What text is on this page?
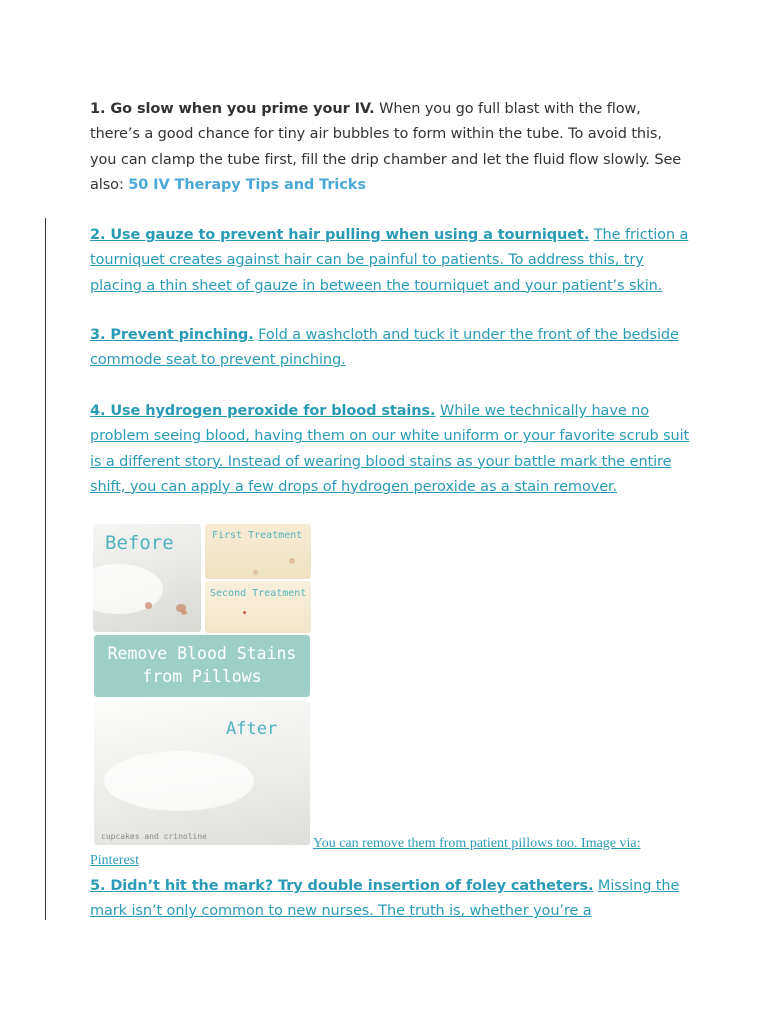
1. Go slow when you prime your IV. When you go full blast with the flow, there’s a good chance for tiny air bubbles to form within the tube. To avoid this, you can clamp the tube first, fill the drip chamber and let the fluid flow slowly. See also: 50 IV Therapy Tips and Tricks

2. Use gauze to prevent hair pulling when using a tourniquet. The friction a tourniquet creates against hair can be painful to patients. To address this, try placing a thin sheet of gauze in between the tourniquet and your patient’s skin.

3. Prevent pinching. Fold a washcloth and tuck it under the front of the bedside commode seat to prevent pinching.

4. Use hydrogen peroxide for blood stains. While we technically have no problem seeing blood, having them on our white uniform or your favorite scrub suit is a different story. Instead of wearing blood stains as your battle mark the entire shift, you can apply a few drops of hydrogen peroxide as a stain remover.

Before	First Treatment
Second Treatment
Remove Blood Stains
from Pillows
After
cupcakes and crinoline	You can remove them from patient pillows too. Image via:
Pinterest

5. Didn’t hit the mark? Try double insertion of foley catheters. Missing the mark isn’t only common to new nurses. The truth is, whether you’re a
